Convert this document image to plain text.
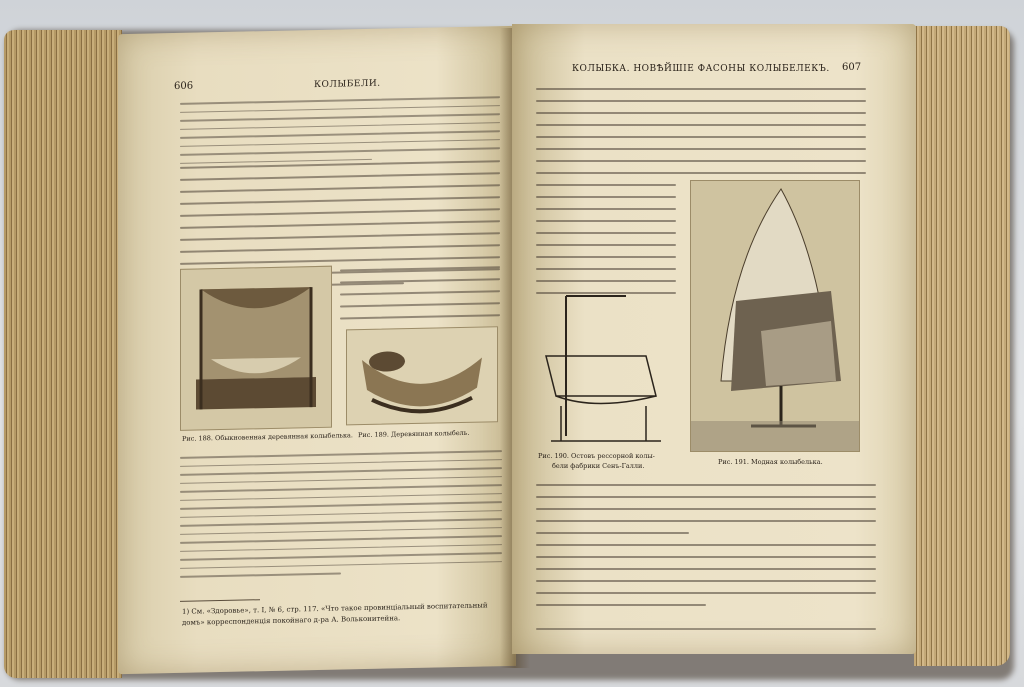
606	КОЛЫБЕЛИ.
Рис. 188. Обыкновенная деревянная колыбелька. Рис. 189. Деревянная колыбель.
1) См. «Здоровье», т. I, № 6, стр. 117. «Что такое провинціальный воспитательный домъ» корреспонденція покойнаго д-ра А. Вольконитейна.
КОЛЫБКА. НОВѢЙШІЕ ФАСОНЫ КОЛЫБЕЛЕКЪ. 607
Рис. 190. Остовъ рессорной колы-
бели фабрики Сенъ-Галли.	Рис. 191. Модная колыбелька.
